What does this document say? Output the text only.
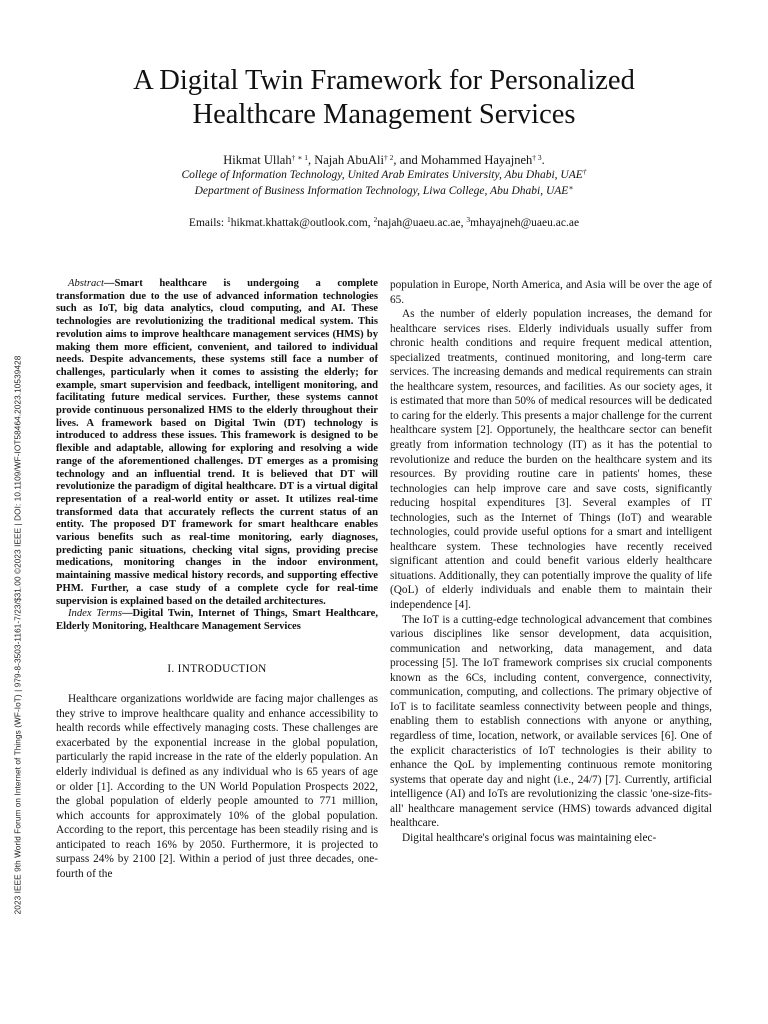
2023 IEEE 9th World Forum on Internet of Things (WF-IoT) | 979-8-3503-1161-7/23/$31.00 ©2023 IEEE | DOI: 10.1109/WF-IOT58464.2023.10539428
A Digital Twin Framework for Personalized
Healthcare Management Services
Hikmat Ullah$^{\dagger ∗ 1}$, Najah AbuAli$^{\dagger 2}$, and Mohammed Hayajneh$^{\dagger 3}$.
College of Information Technology, United Arab Emirates University, Abu Dhabi, UAE†
Department of Business Information Technology, Liwa College, Abu Dhabi, UAE∗
Emails: $^1$hikmat.khattak@outlook.com, $^2$najah@uaeu.ac.ae, $^3$mhayajneh@uaeu.ac.ae

Abstract—Smart healthcare is undergoing a complete transformation due to the use of advanced information technologies such as IoT, big data analytics, cloud computing, and AI. These technologies are revolutionizing the traditional medical system. This revolution aims to improve healthcare management services (HMS) by making them more efficient, convenient, and tailored to individual needs. Despite advancements, these systems still face a number of challenges, particularly when it comes to assisting the elderly; for example, smart supervision and feedback, intelligent monitoring, and facilitating future medical services. Further, these systems cannot provide continuous personalized HMS to the elderly throughout their lives. A framework based on Digital Twin (DT) technology is introduced to address these issues. This framework is designed to be flexible and adaptable, allowing for exploring and resolving a wide range of the aforementioned challenges. DT emerges as a promising technology and an influential trend. It is believed that DT will revolutionize the paradigm of digital healthcare. DT is a virtual digital representation of a real-world entity or asset. It utilizes real-time transformed data that accurately reflects the current status of an entity. The proposed DT framework for smart healthcare enables various benefits such as real-time monitoring, early diagnoses, predicting panic situations, checking vital signs, providing precise medications, monitoring changes in the indoor environment, maintaining massive medical history records, and supporting effective PHM. Further, a case study of a complete cycle for real-time supervision is explained based on the detailed architectures.

Index Terms—Digital Twin, Internet of Things, Smart Healthcare, Elderly Monitoring, Healthcare Management Services

I. INTRODUCTION

Healthcare organizations worldwide are facing major challenges as they strive to improve healthcare quality and enhance accessibility to health records while effectively managing costs. These challenges are exacerbated by the exponential increase in the global population, particularly the rapid increase in the rate of the elderly population. An elderly individual is defined as any individual who is 65 years of age or older [1]. According to the UN World Population Prospects 2022, the global population of elderly people amounted to 771 million, which accounts for approximately 10% of the global population. According to the report, this percentage has been steadily rising and is anticipated to reach 16% by 2050. Furthermore, it is projected to surpass 24% by 2100 [2]. Within a period of just three decades, one-fourth of the

population in Europe, North America, and Asia will be over the age of 65.

As the number of elderly population increases, the demand for healthcare services rises. Elderly individuals usually suffer from chronic health conditions and require frequent medical attention, specialized treatments, continued monitoring, and long-term care services. The increasing demands and medical requirements can strain the healthcare system, resources, and facilities. As our society ages, it is estimated that more than 50% of medical resources will be dedicated to caring for the elderly. This presents a major challenge for the current healthcare system [2]. Opportunely, the healthcare sector can benefit greatly from information technology (IT) as it has the potential to revolutionize and reduce the burden on the healthcare system and its resources. By providing routine care in patients' homes, these technologies can help improve care and save costs, significantly reducing hospital expenditures [3]. Several examples of IT technologies, such as the Internet of Things (IoT) and wearable technologies, could provide useful options for a smart and intelligent healthcare system. These technologies have recently received significant attention and could benefit various elderly healthcare situations. Additionally, they can potentially improve the quality of life (QoL) of elderly individuals and enable them to maintain their independence [4].

The IoT is a cutting-edge technological advancement that combines various disciplines like sensor development, data acquisition, communication and networking, data management, and data processing [5]. The IoT framework comprises six crucial components known as the 6Cs, including content, convergence, connectivity, communication, computing, and collections. The primary objective of IoT is to facilitate seamless connectivity between people and things, enabling them to establish connections with anyone or anything, regardless of time, location, network, or available services [6]. One of the explicit characteristics of IoT technologies is their ability to enhance the QoL by implementing continuous remote monitoring systems that operate day and night (i.e., 24/7) [7]. Currently, artificial intelligence (AI) and IoTs are revolutionizing the classic 'one-size-fits-all' healthcare management service (HMS) towards advanced digital healthcare.

Digital healthcare's original focus was maintaining elec-
